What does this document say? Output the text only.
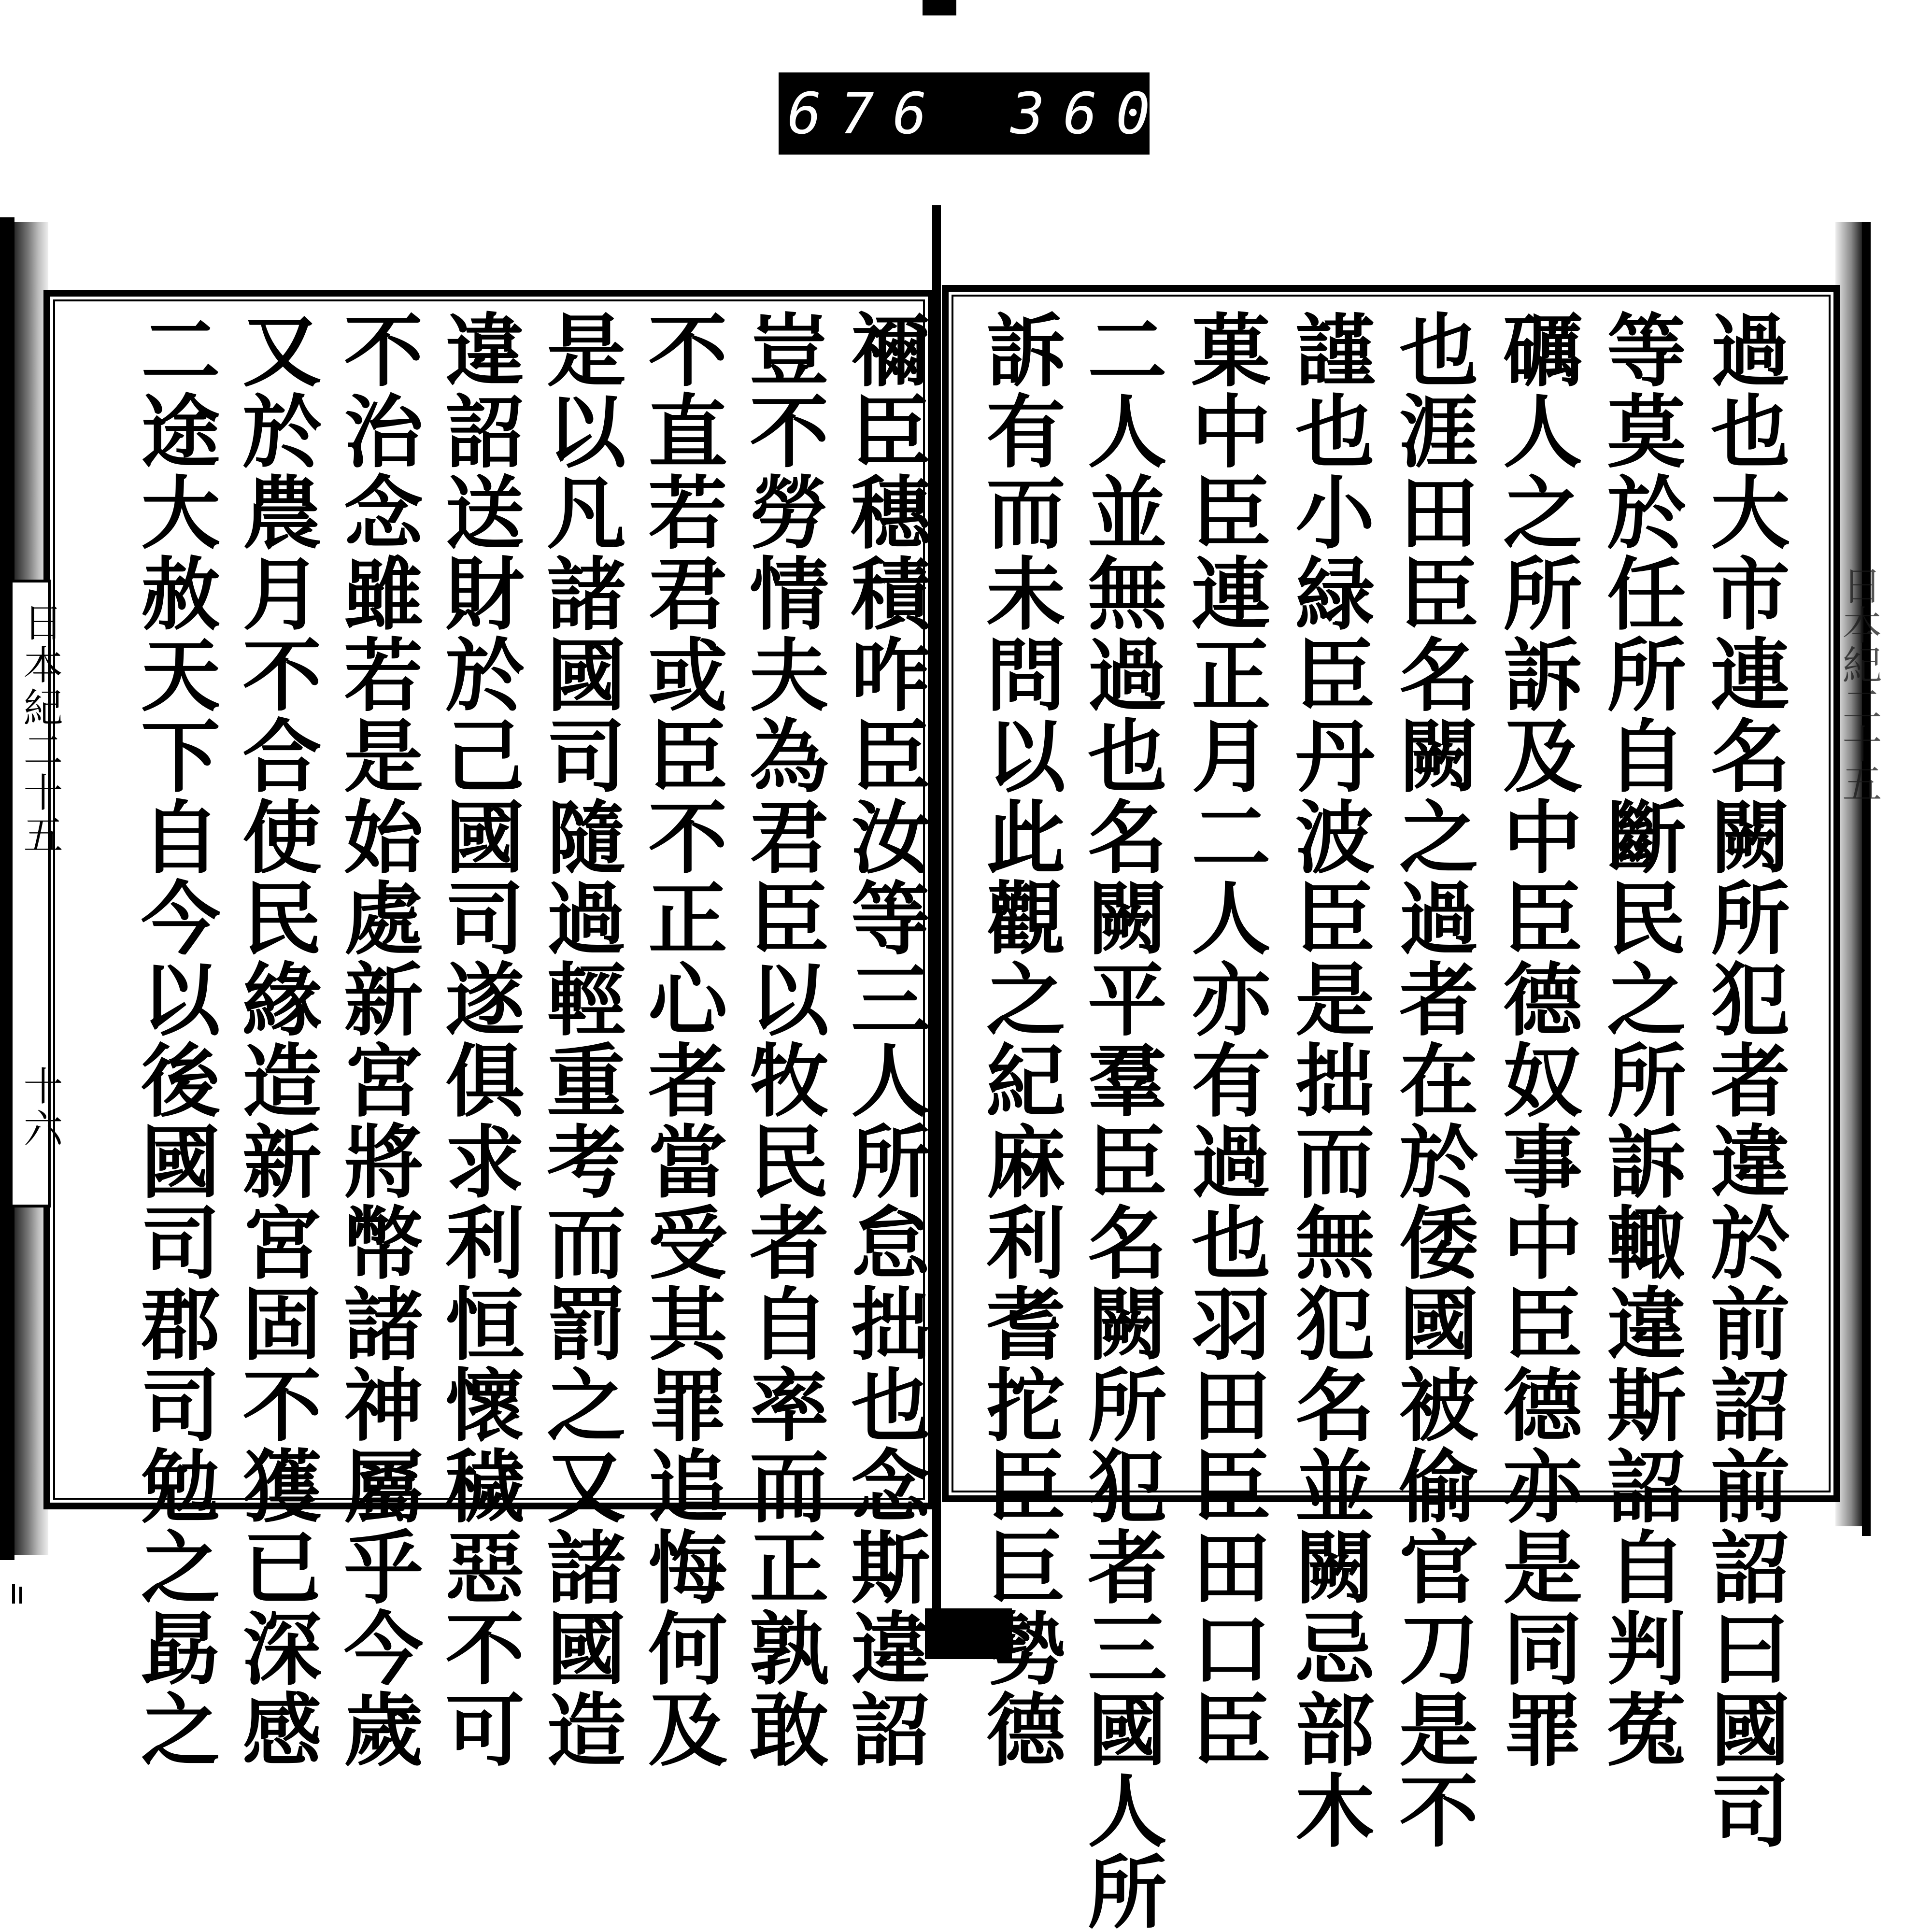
676 360.
日本紀二十五
十六
日本紀二十五
過也大市連名闕所犯者違於前詔前詔曰國司
等莫於任所自斷民之所訴輙違斯詔自判菟
礪人之所訴及中臣德奴事中臣德亦是同罪
也涯田臣名闕之過者在於倭國被偷官刀是不
謹也小緑臣丹波臣是拙而無犯名並闕忌部木
菓中臣連正月二人亦有過也羽田臣田口臣
二人並無過也名闕平羣臣名闕所犯者三國人所
訴有而未問以此觀之紀麻利耆拕臣巨勢德
禰臣穗積咋臣汝等三人所怠拙也念斯違詔
豈不勞情夫為君臣以牧民者自率而正孰敢
不直若君或臣不正心者當受其罪追悔何及
是以凡諸國司隨過輕重考而罰之又諸國造
違詔送財於己國司遂俱求利恒懷穢惡不可
不治念雖若是始處新宮將幣諸神屬乎今歲
又於農月不合使民緣造新宮固不獲已深感
二途大赦天下自今以後國司郡司勉之勗之
